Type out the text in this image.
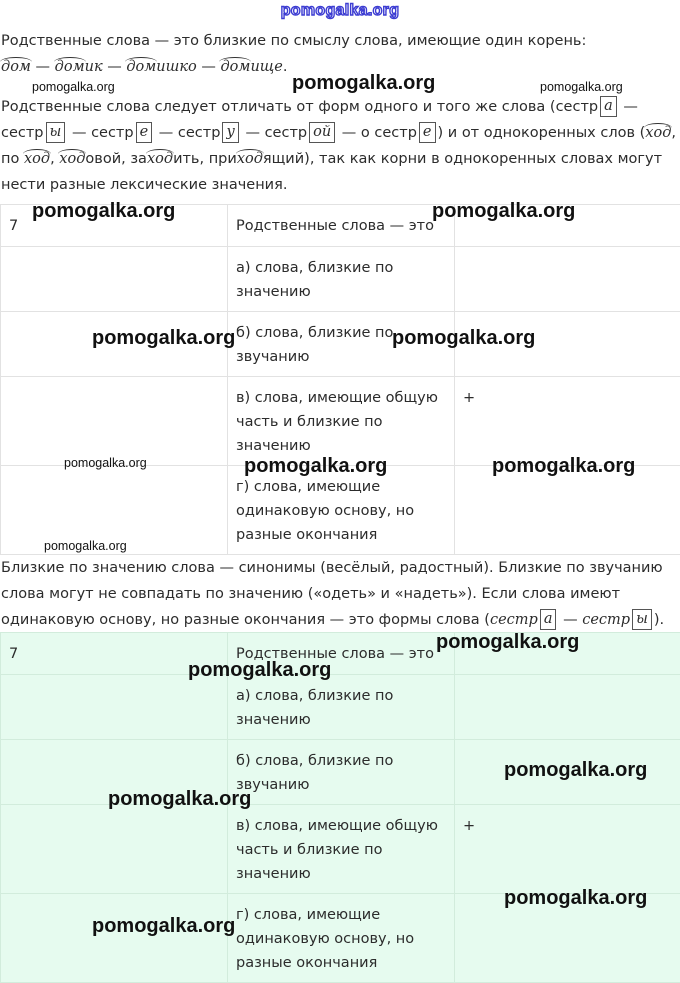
pomogalka.org

Родственные слова — это близкие по смыслу слова, имеющие один корень:
дом — домик — домишко — домище.

Родственные слова следует отличать от форм одного и того же слова (сестр а — сестр ы — сестр е — сестр у — сестр ой — о сестр е ) и от однокоренных слов (ход, по ход, ходовой, заходить, приходящий), так как корни в однокоренных словах могут нести разные лексические значения.

7	Родственные слова — это	
	а) слова, близкие по значению	
	б) слова, близкие по звучанию	
	в) слова, имеющие общую часть и близкие по значению	+
	г) слова, имеющие одинаковую основу, но разные окончания	

Близкие по значению слова — синонимы (весёлый, радостный). Близкие по звучанию слова могут не совпадать по значению («одеть» и «надеть»). Если слова имеют одинаковую основу, но разные окончания — это формы слова (сестр а — сестр ы ).

7	Родственные слова — это	
	а) слова, близкие по значению	
	б) слова, близкие по звучанию	
	в) слова, имеющие общую часть и близкие по значению	+
	г) слова, имеющие одинаковую основу, но разные окончания	
pomogalka.org
pomogalka.org	pomogalka.org
pomogalka.org	pomogalka.org
pomogalka.org	pomogalka.org
pomogalka.org	pomogalka.org	pomogalka.org
pomogalka.org
pomogalka.org
pomogalka.org
pomogalka.org
pomogalka.org
pomogalka.org
pomogalka.org
